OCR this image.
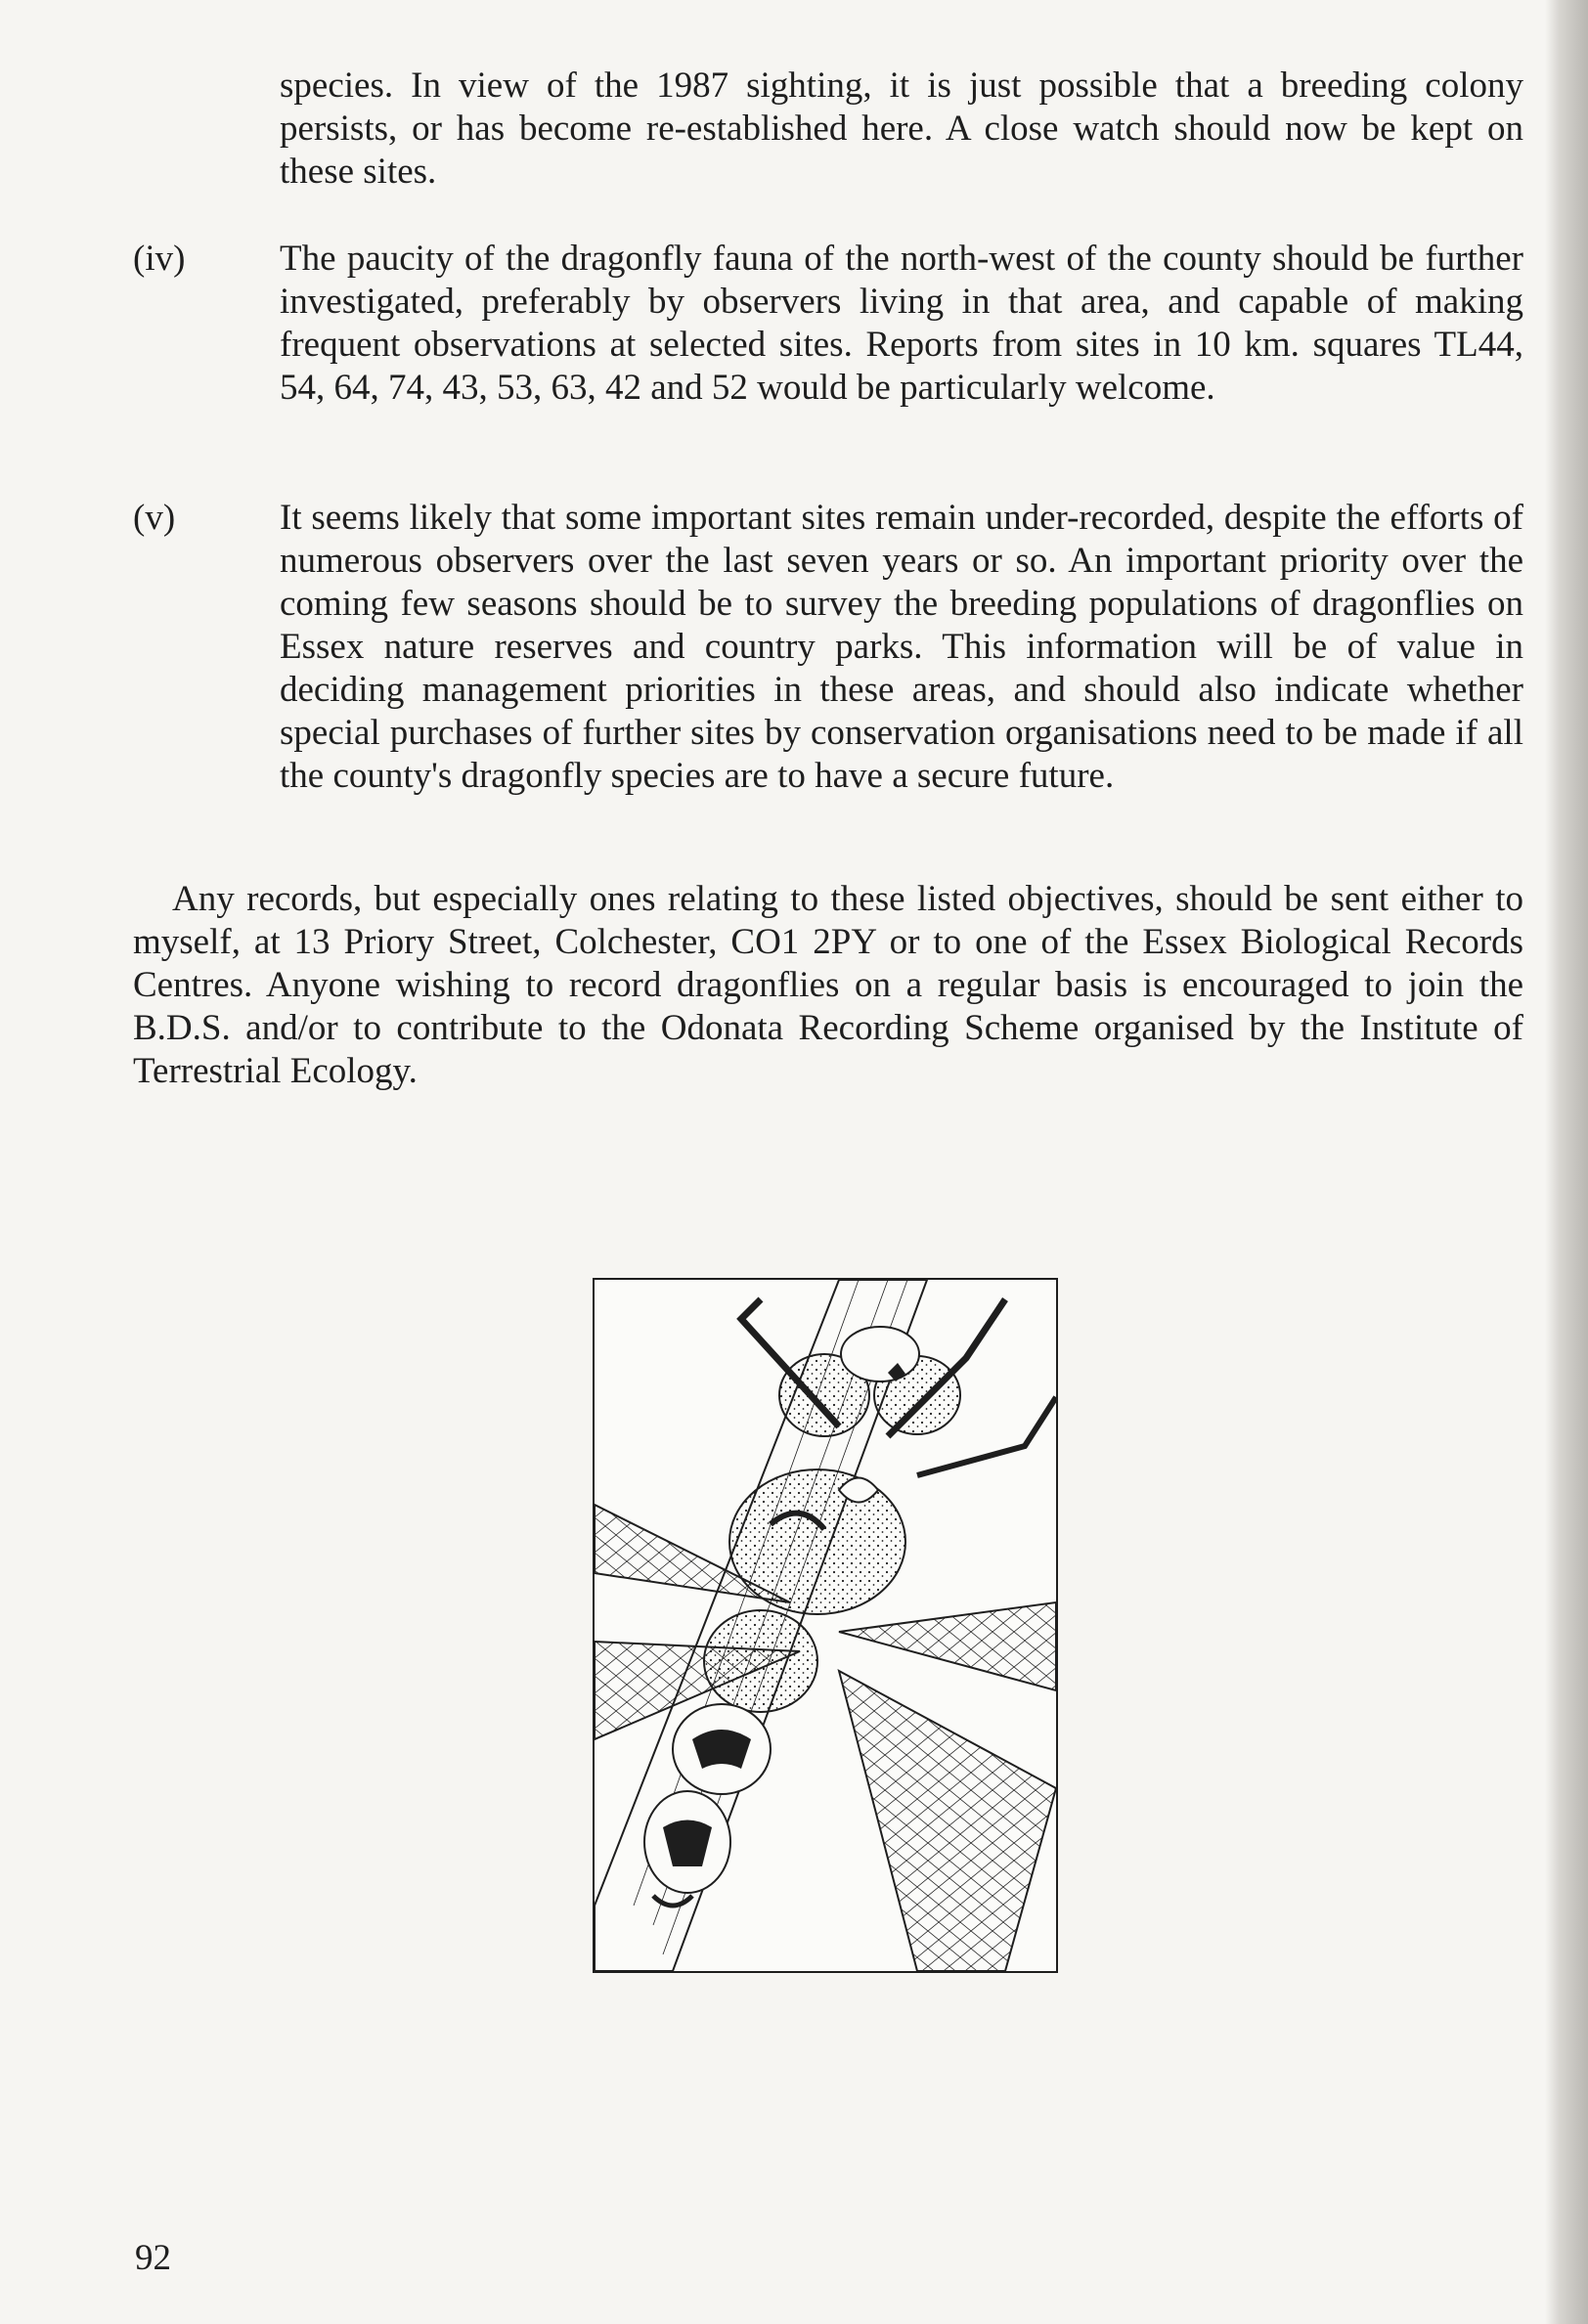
species. In view of the 1987 sighting, it is just possible that a breeding colony persists, or has become re-established here. A close watch should now be kept on these sites.

(iv)	The paucity of the dragonfly fauna of the north-west of the county should be further investigated, preferably by observers living in that area, and capable of making frequent observations at selected sites. Reports from sites in 10 km. squares TL44, 54, 64, 74, 43, 53, 63, 42 and 52 would be particularly welcome.

(v)	It seems likely that some important sites remain under-recorded, despite the efforts of numerous observers over the last seven years or so. An important priority over the coming few seasons should be to survey the breeding populations of dragonflies on Essex nature reserves and country parks. This information will be of value in deciding management priorities in these areas, and should also indicate whether special purchases of further sites by conservation organisations need to be made if all the county's dragonfly species are to have a secure future.

Any records, but especially ones relating to these listed objectives, should be sent either to myself, at 13 Priory Street, Colchester, CO1 2PY or to one of the Essex Biological Records Centres. Anyone wishing to record dragonflies on a regular basis is encouraged to join the B.D.S. and/or to contribute to the Odonata Recording Scheme organised by the Institute of Terrestrial Ecology.

92
